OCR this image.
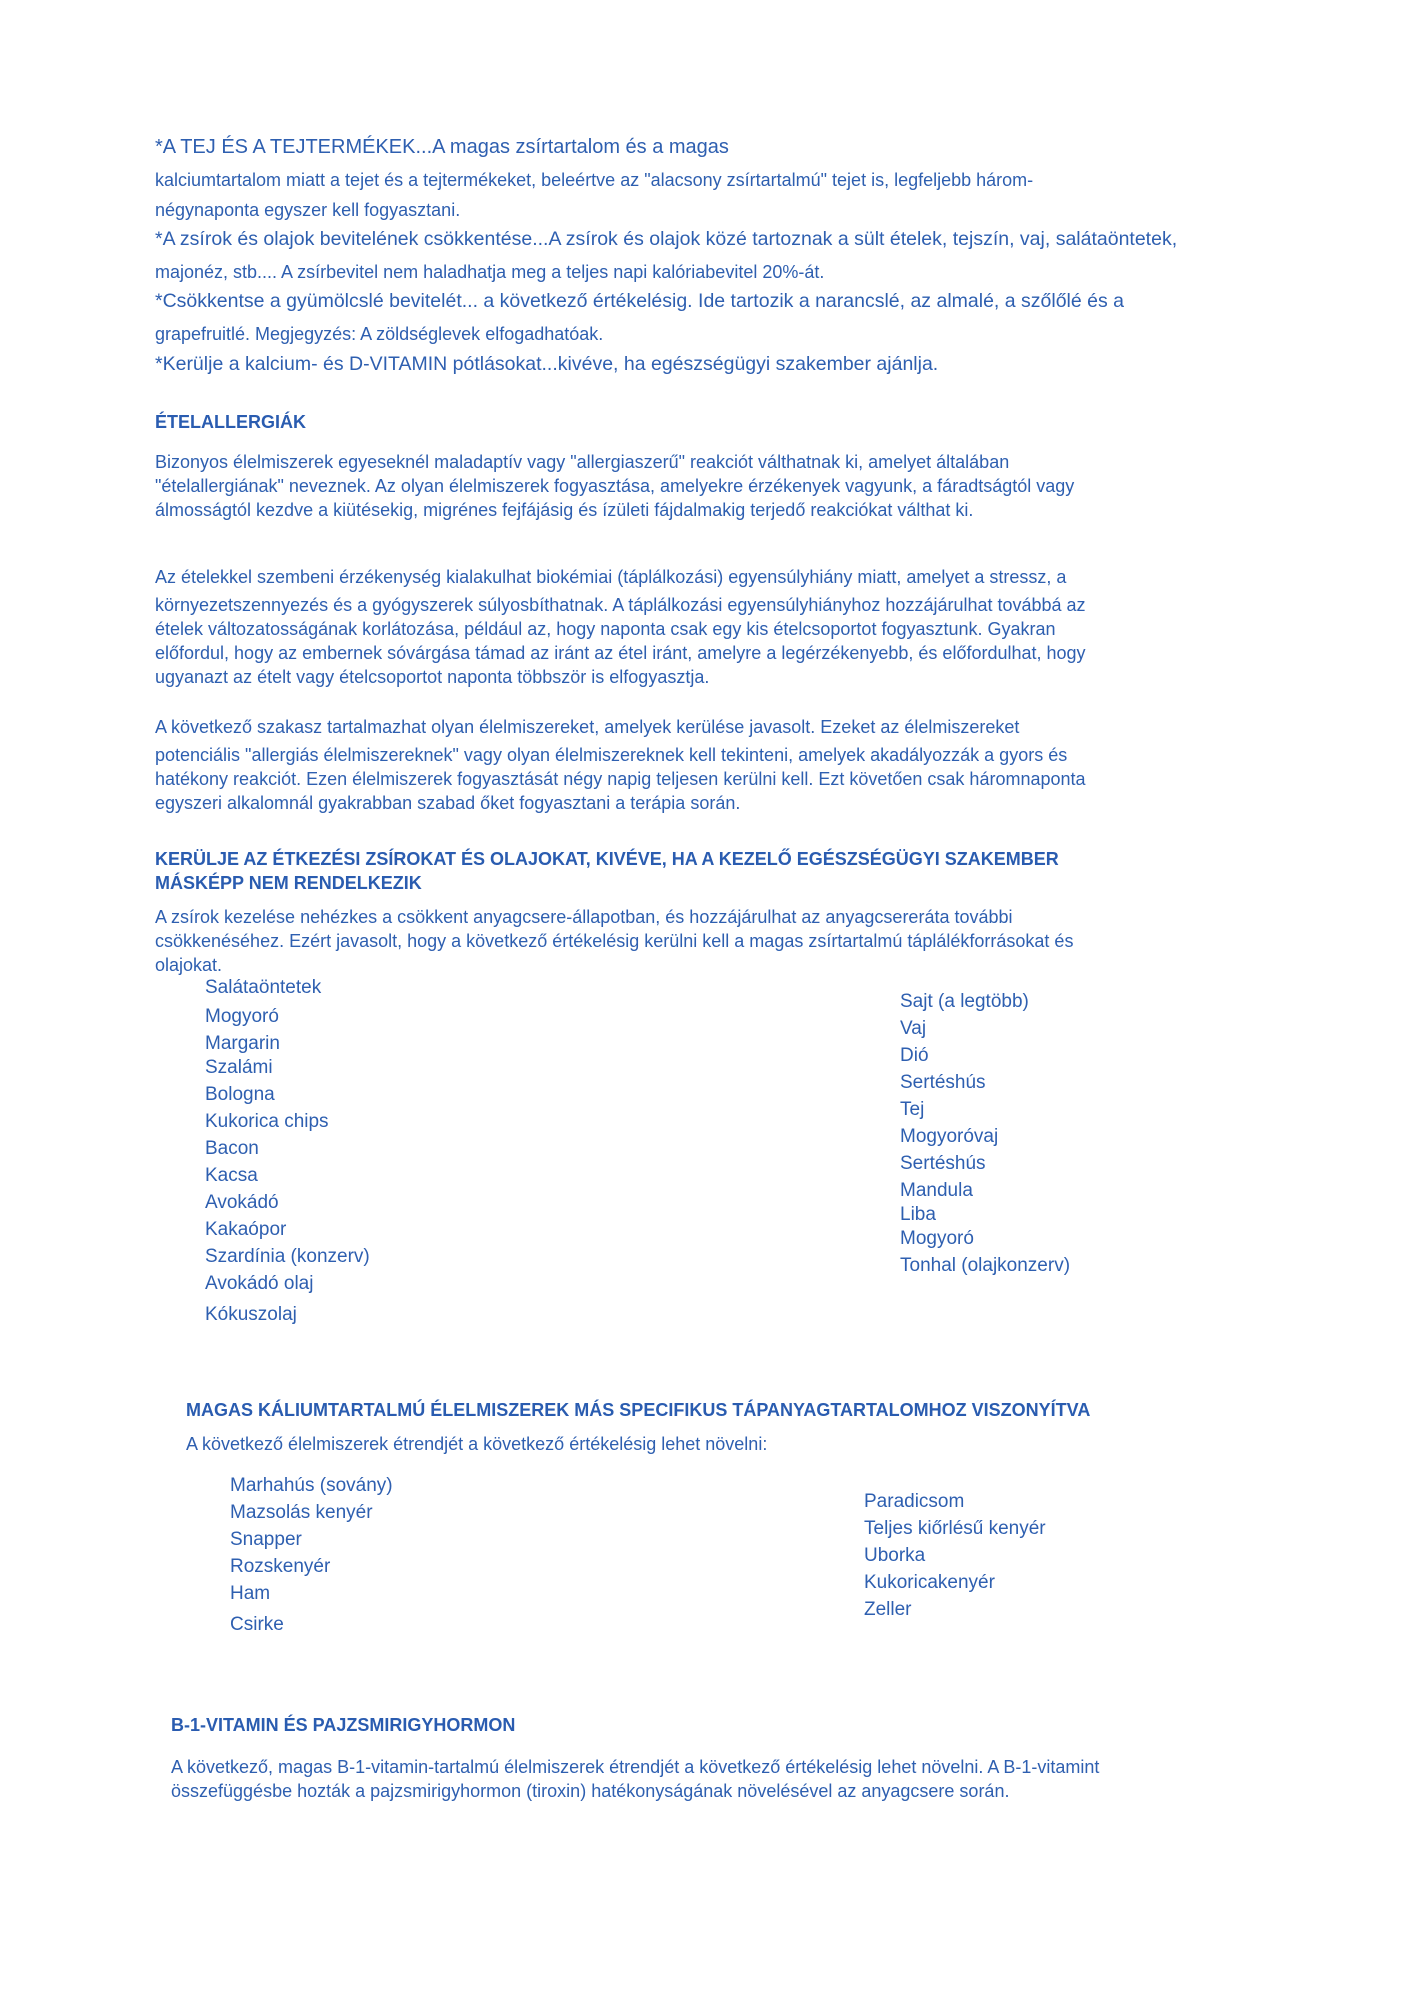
*A TEJ ÉS A TEJTERMÉKEK...A magas zsírtartalom és a magas
kalciumtartalom miatt a tejet és a tejtermékeket, beleértve az "alacsony zsírtartalmú" tejet is, legfeljebb három-
négynaponta egyszer kell fogyasztani.
*A zsírok és olajok bevitelének csökkentése...A zsírok és olajok közé tartoznak a sült ételek, tejszín, vaj, salátaöntetek,
majonéz, stb.... A zsírbevitel nem haladhatja meg a teljes napi kalóriabevitel 20%-át.
*Csökkentse a gyümölcslé bevitelét... a következő értékelésig. Ide tartozik a narancslé, az almalé, a szőlőlé és a
grapefruitlé. Megjegyzés: A zöldséglevek elfogadhatóak.
*Kerülje a kalcium- és D-VITAMIN pótlásokat...kivéve, ha egészségügyi szakember ajánlja.
ÉTELALLERGIÁK
Bizonyos élelmiszerek egyeseknél maladaptív vagy "allergiaszerű" reakciót válthatnak ki, amelyet általában
"ételallergiának" neveznek. Az olyan élelmiszerek fogyasztása, amelyekre érzékenyek vagyunk, a fáradtságtól vagy
álmosságtól kezdve a kiütésekig, migrénes fejfájásig és ízületi fájdalmakig terjedő reakciókat válthat ki.
Az ételekkel szembeni érzékenység kialakulhat biokémiai (táplálkozási) egyensúlyhiány miatt, amelyet a stressz, a
környezetszennyezés és a gyógyszerek súlyosbíthatnak. A táplálkozási egyensúlyhiányhoz hozzájárulhat továbbá az
ételek változatosságának korlátozása, például az, hogy naponta csak egy kis ételcsoportot fogyasztunk. Gyakran
előfordul, hogy az embernek sóvárgása támad az iránt az étel iránt, amelyre a legérzékenyebb, és előfordulhat, hogy
ugyanazt az ételt vagy ételcsoportot naponta többször is elfogyasztja.
A következő szakasz tartalmazhat olyan élelmiszereket, amelyek kerülése javasolt. Ezeket az élelmiszereket
potenciális "allergiás élelmiszereknek" vagy olyan élelmiszereknek kell tekinteni, amelyek akadályozzák a gyors és
hatékony reakciót. Ezen élelmiszerek fogyasztását négy napig teljesen kerülni kell. Ezt követően csak háromnaponta
egyszeri alkalomnál gyakrabban szabad őket fogyasztani a terápia során.
KERÜLJE AZ ÉTKEZÉSI ZSÍROKAT ÉS OLAJOKAT, KIVÉVE, HA A KEZELŐ EGÉSZSÉGÜGYI SZAKEMBER
MÁSKÉPP NEM RENDELKEZIK
A zsírok kezelése nehézkes a csökkent anyagcsere-állapotban, és hozzájárulhat az anyagcsereráta további
csökkenéséhez. Ezért javasolt, hogy a következő értékelésig kerülni kell a magas zsírtartalmú táplálékforrásokat és
olajokat.
Salátaöntetek
Mogyoró
Margarin
Szalámi
Bologna
Kukorica chips
Bacon
Kacsa
Avokádó
Kakaópor
Szardínia (konzerv)
Avokádó olaj
Kókuszolaj
Sajt (a legtöbb)
Vaj
Dió
Sertéshús
Tej
Mogyoróvaj
Sertéshús
Mandula
Liba
Mogyoró
Tonhal (olajkonzerv)
MAGAS KÁLIUMTARTALMÚ ÉLELMISZEREK MÁS SPECIFIKUS TÁPANYAGTARTALOMHOZ VISZONYÍTVA
A következő élelmiszerek étrendjét a következő értékelésig lehet növelni:
Marhahús (sovány)
Mazsolás kenyér
Snapper
Rozskenyér
Ham
Csirke
Paradicsom
Teljes kiőrlésű kenyér
Uborka
Kukoricakenyér
Zeller
B-1-VITAMIN ÉS PAJZSMIRIGYHORMON
A következő, magas B-1-vitamin-tartalmú élelmiszerek étrendjét a következő értékelésig lehet növelni. A B-1-vitamint
összefüggésbe hozták a pajzsmirigyhormon (tiroxin) hatékonyságának növelésével az anyagcsere során.
